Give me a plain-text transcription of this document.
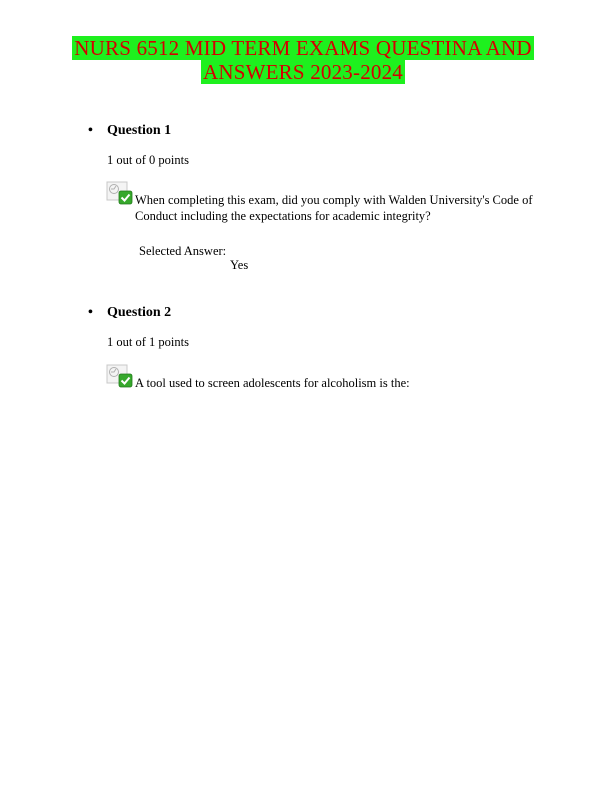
NURS 6512 MID TERM EXAMS QUESTINA AND
ANSWERS 2023-2024
• Question 1
1 out of 0 points
When completing this exam, did you comply with Walden University's Code of Conduct including the expectations for academic integrity?
Selected Answer:
Yes
• Question 2
1 out of 1 points
A tool used to screen adolescents for alcoholism is the:
